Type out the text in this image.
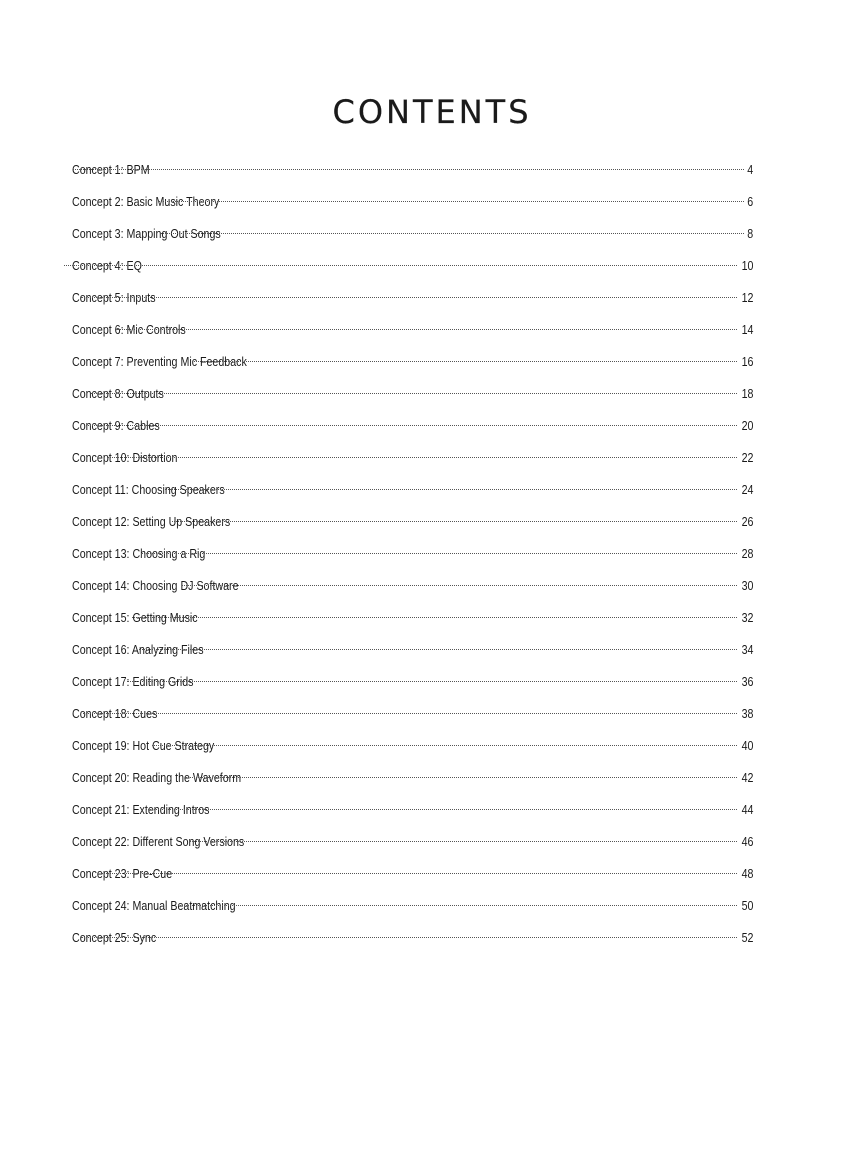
CONTENTS
Concept 1: BPM	4
Concept 2: Basic Music Theory	6
Concept 3: Mapping Out Songs	8
Concept 4: EQ	10
Concept 5: Inputs	12
Concept 6: Mic Controls	14
Concept 7: Preventing Mic Feedback	16
Concept 8: Outputs	18
Concept 9: Cables	20
Concept 10: Distortion	22
Concept 11: Choosing Speakers	24
Concept 12: Setting Up Speakers	26
Concept 13: Choosing a Rig	28
Concept 14: Choosing DJ Software	30
Concept 15: Getting Music	32
Concept 16: Analyzing Files	34
Concept 17: Editing Grids	36
Concept 18: Cues	38
Concept 19: Hot Cue Strategy	40
Concept 20: Reading the Waveform	42
Concept 21: Extending Intros	44
Concept 22: Different Song Versions	46
Concept 23: Pre-Cue	48
Concept 24: Manual Beatmatching	50
Concept 25: Sync	52
